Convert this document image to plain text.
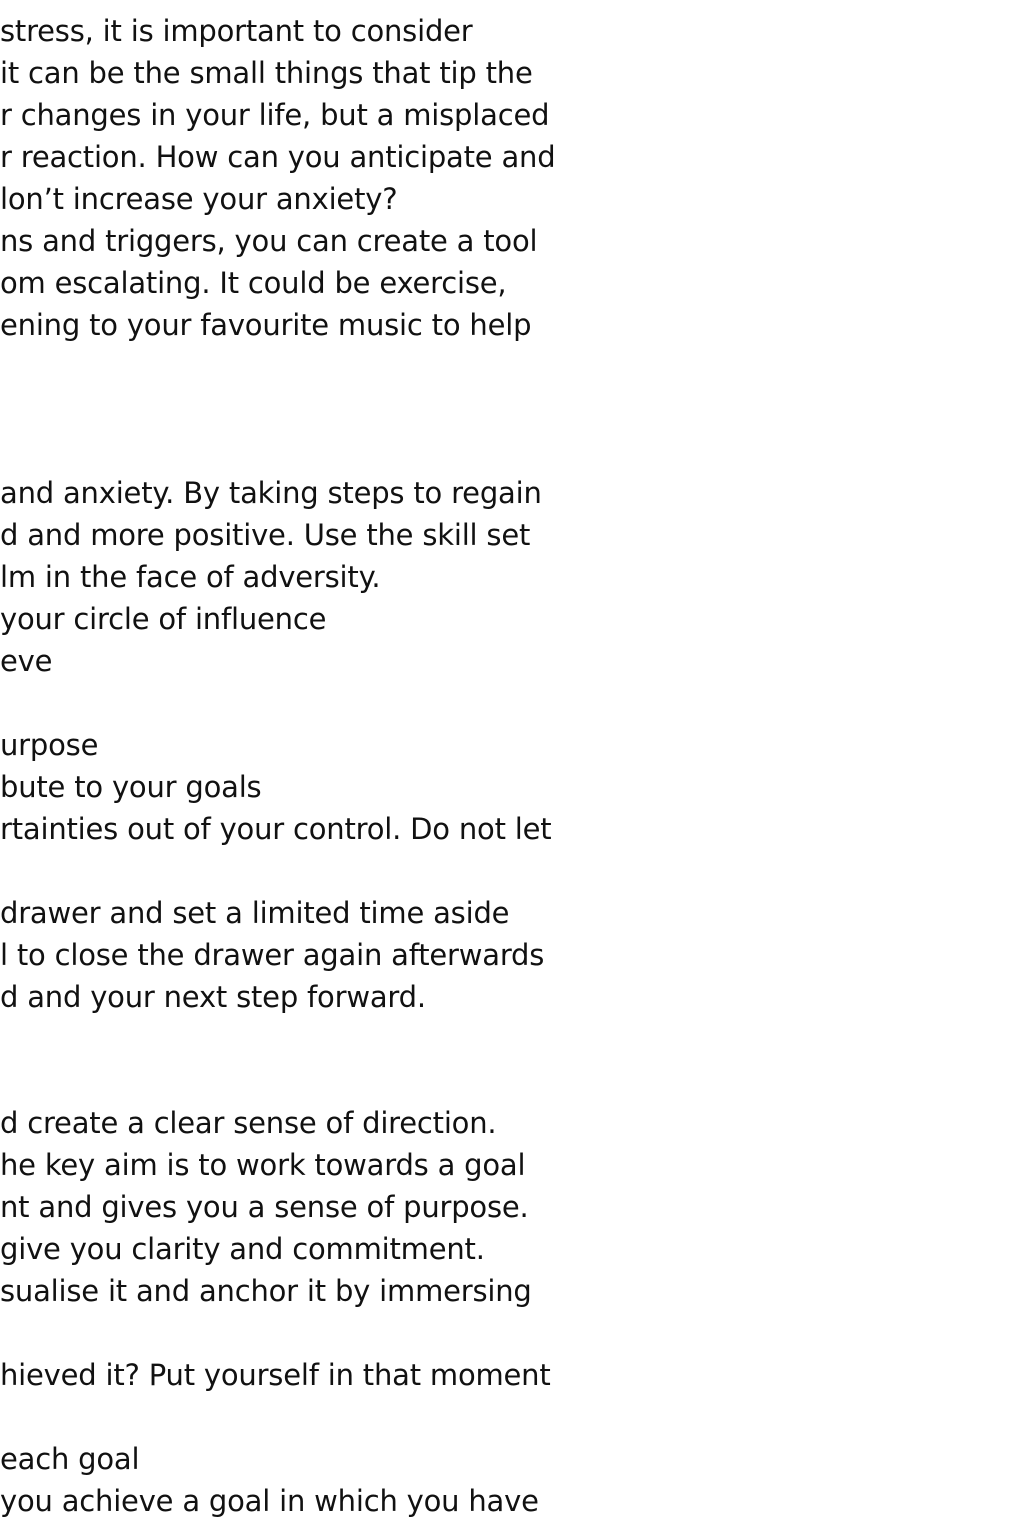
stress, it is important to consider
it can be the small things that tip the
r changes in your life, but a misplaced
r reaction. How can you anticipate and
lon’t increase your anxiety?
ns and triggers, you can create a tool
om escalating. It could be exercise,
ening to your favourite music to help
and anxiety. By taking steps to regain
d and more positive. Use the skill set
lm in the face of adversity.
your circle of influence
eve
urpose
bute to your goals
rtainties out of your control. Do not let
drawer and set a limited time aside
l to close the drawer again afterwards
d and your next step forward.
d create a clear sense of direction.
he key aim is to work towards a goal
nt and gives you a sense of purpose.
give you clarity and commitment.
sualise it and anchor it by immersing
hieved it? Put yourself in that moment
each goal
you achieve a goal in which you have
